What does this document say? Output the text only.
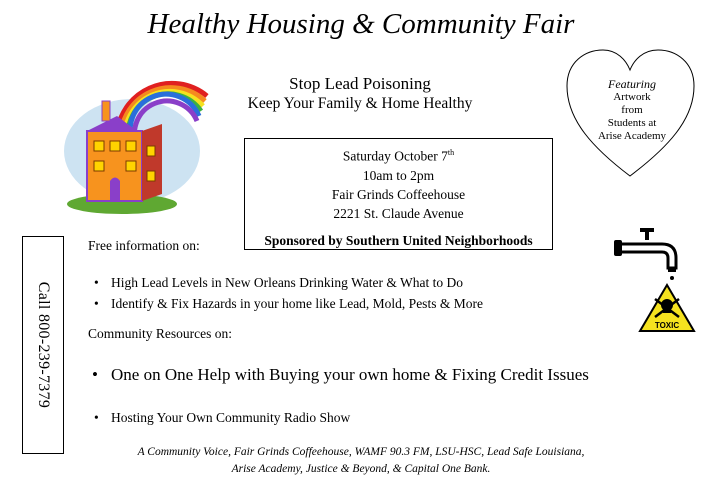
Healthy Housing & Community Fair
Stop Lead Poisoning
Keep Your Family & Home Healthy
Featuring
Artwork
from
Students at
Arise Academy
Saturday October 7th
10am to 2pm
Fair Grinds Coffeehouse
2221 St. Claude Avenue
Sponsored by Southern United Neighborhoods
Call 800-239-7379
Free information on:
• High Lead Levels in New Orleans Drinking Water & What to Do
• Identify & Fix Hazards in your home like Lead, Mold, Pests & More
Community Resources on:
• One on One Help with Buying your own home & Fixing Credit Issues
• Hosting Your Own Community Radio Show
TOXIC
A Community Voice, Fair Grinds Coffeehouse, WAMF 90.3 FM, LSU-HSC, Lead Safe Louisiana,
Arise Academy, Justice & Beyond, & Capital One Bank.
